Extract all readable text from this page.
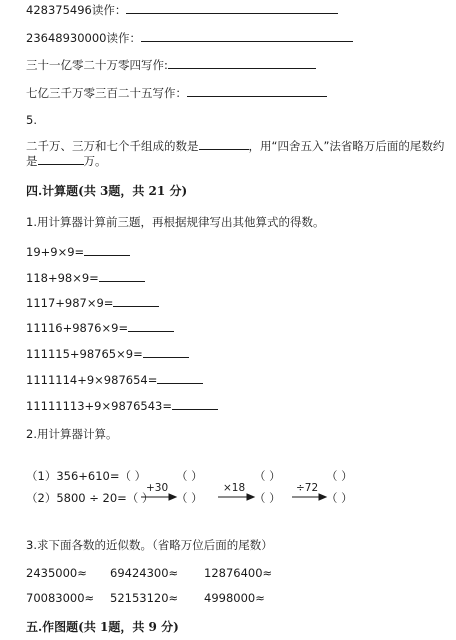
428375496读作：
23648930000读作：
三十一亿零二十万零四写作:
七亿三千万零三百二十五写作：
5.
二千万、三万和七个千组成的数是	，用“四舍五入”法省略万后面的尾数约
是	万。
四.计算题(共 3题，共 21 分)
1.用计算器计算前三题，再根据规律写出其他算式的得数。
19+9×9=
118+98×9=
1117+987×9=
11116+9876×9=
111115+98765×9=
1111114+9×987654=
11111113+9×9876543=
2.用计算器计算。
（1）356+610=（ ）
（2）5800 ÷ 20=（ ）
（ ）	（ ）	（ ）
（ ）	（ ）	（ ）
+30	×18	÷72
3.求下面各数的近似数。（省略万位后面的尾数）
2435000≈ 69424300≈ 12876400≈
70083000≈ 52153120≈ 4998000≈
五.作图题(共 1题，共 9 分)
